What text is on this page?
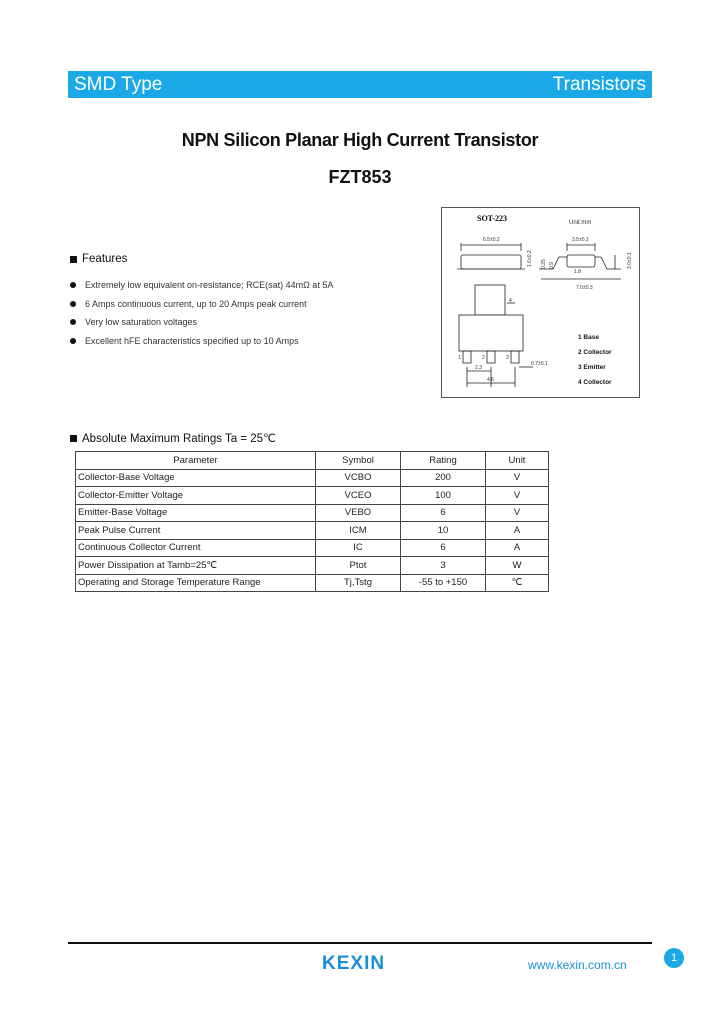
SMD Type	Transistors
NPN Silicon Planar High Current Transistor
FZT853
Features
Extremely low equivalent on-resistance; RCE(sat) 44mΩ at 5A
6 Amps continuous current, up to 20 Amps peak current
Very low saturation voltages
Excellent hFE characteristics specified up to 10 Amps
SOT-223	Unit:mm
6.5±0.2
1.6±0.2
3.5±0.2
7.0±0.3
3.0±0.1
0.25 0.9
1.8
4
1	2	3
2.3
4.6
0.7±0.1
1 Base
2 Collector
3 Emitter
4 Collector
Absolute Maximum Ratings Ta = 25℃
Parameter	Symbol	Rating	Unit
Collector-Base Voltage	VCBO	200	V
Collector-Emitter Voltage	VCEO	100	V
Emitter-Base Voltage	VEBO	6	V
Peak Pulse Current	ICM	10	A
Continuous Collector Current	IC	6	A
Power Dissipation at Tamb=25℃	Ptot	3	W
Operating and Storage Temperature Range	Tj,Tstg	-55 to +150	℃
KEXIN	www.kexin.com.cn	1
